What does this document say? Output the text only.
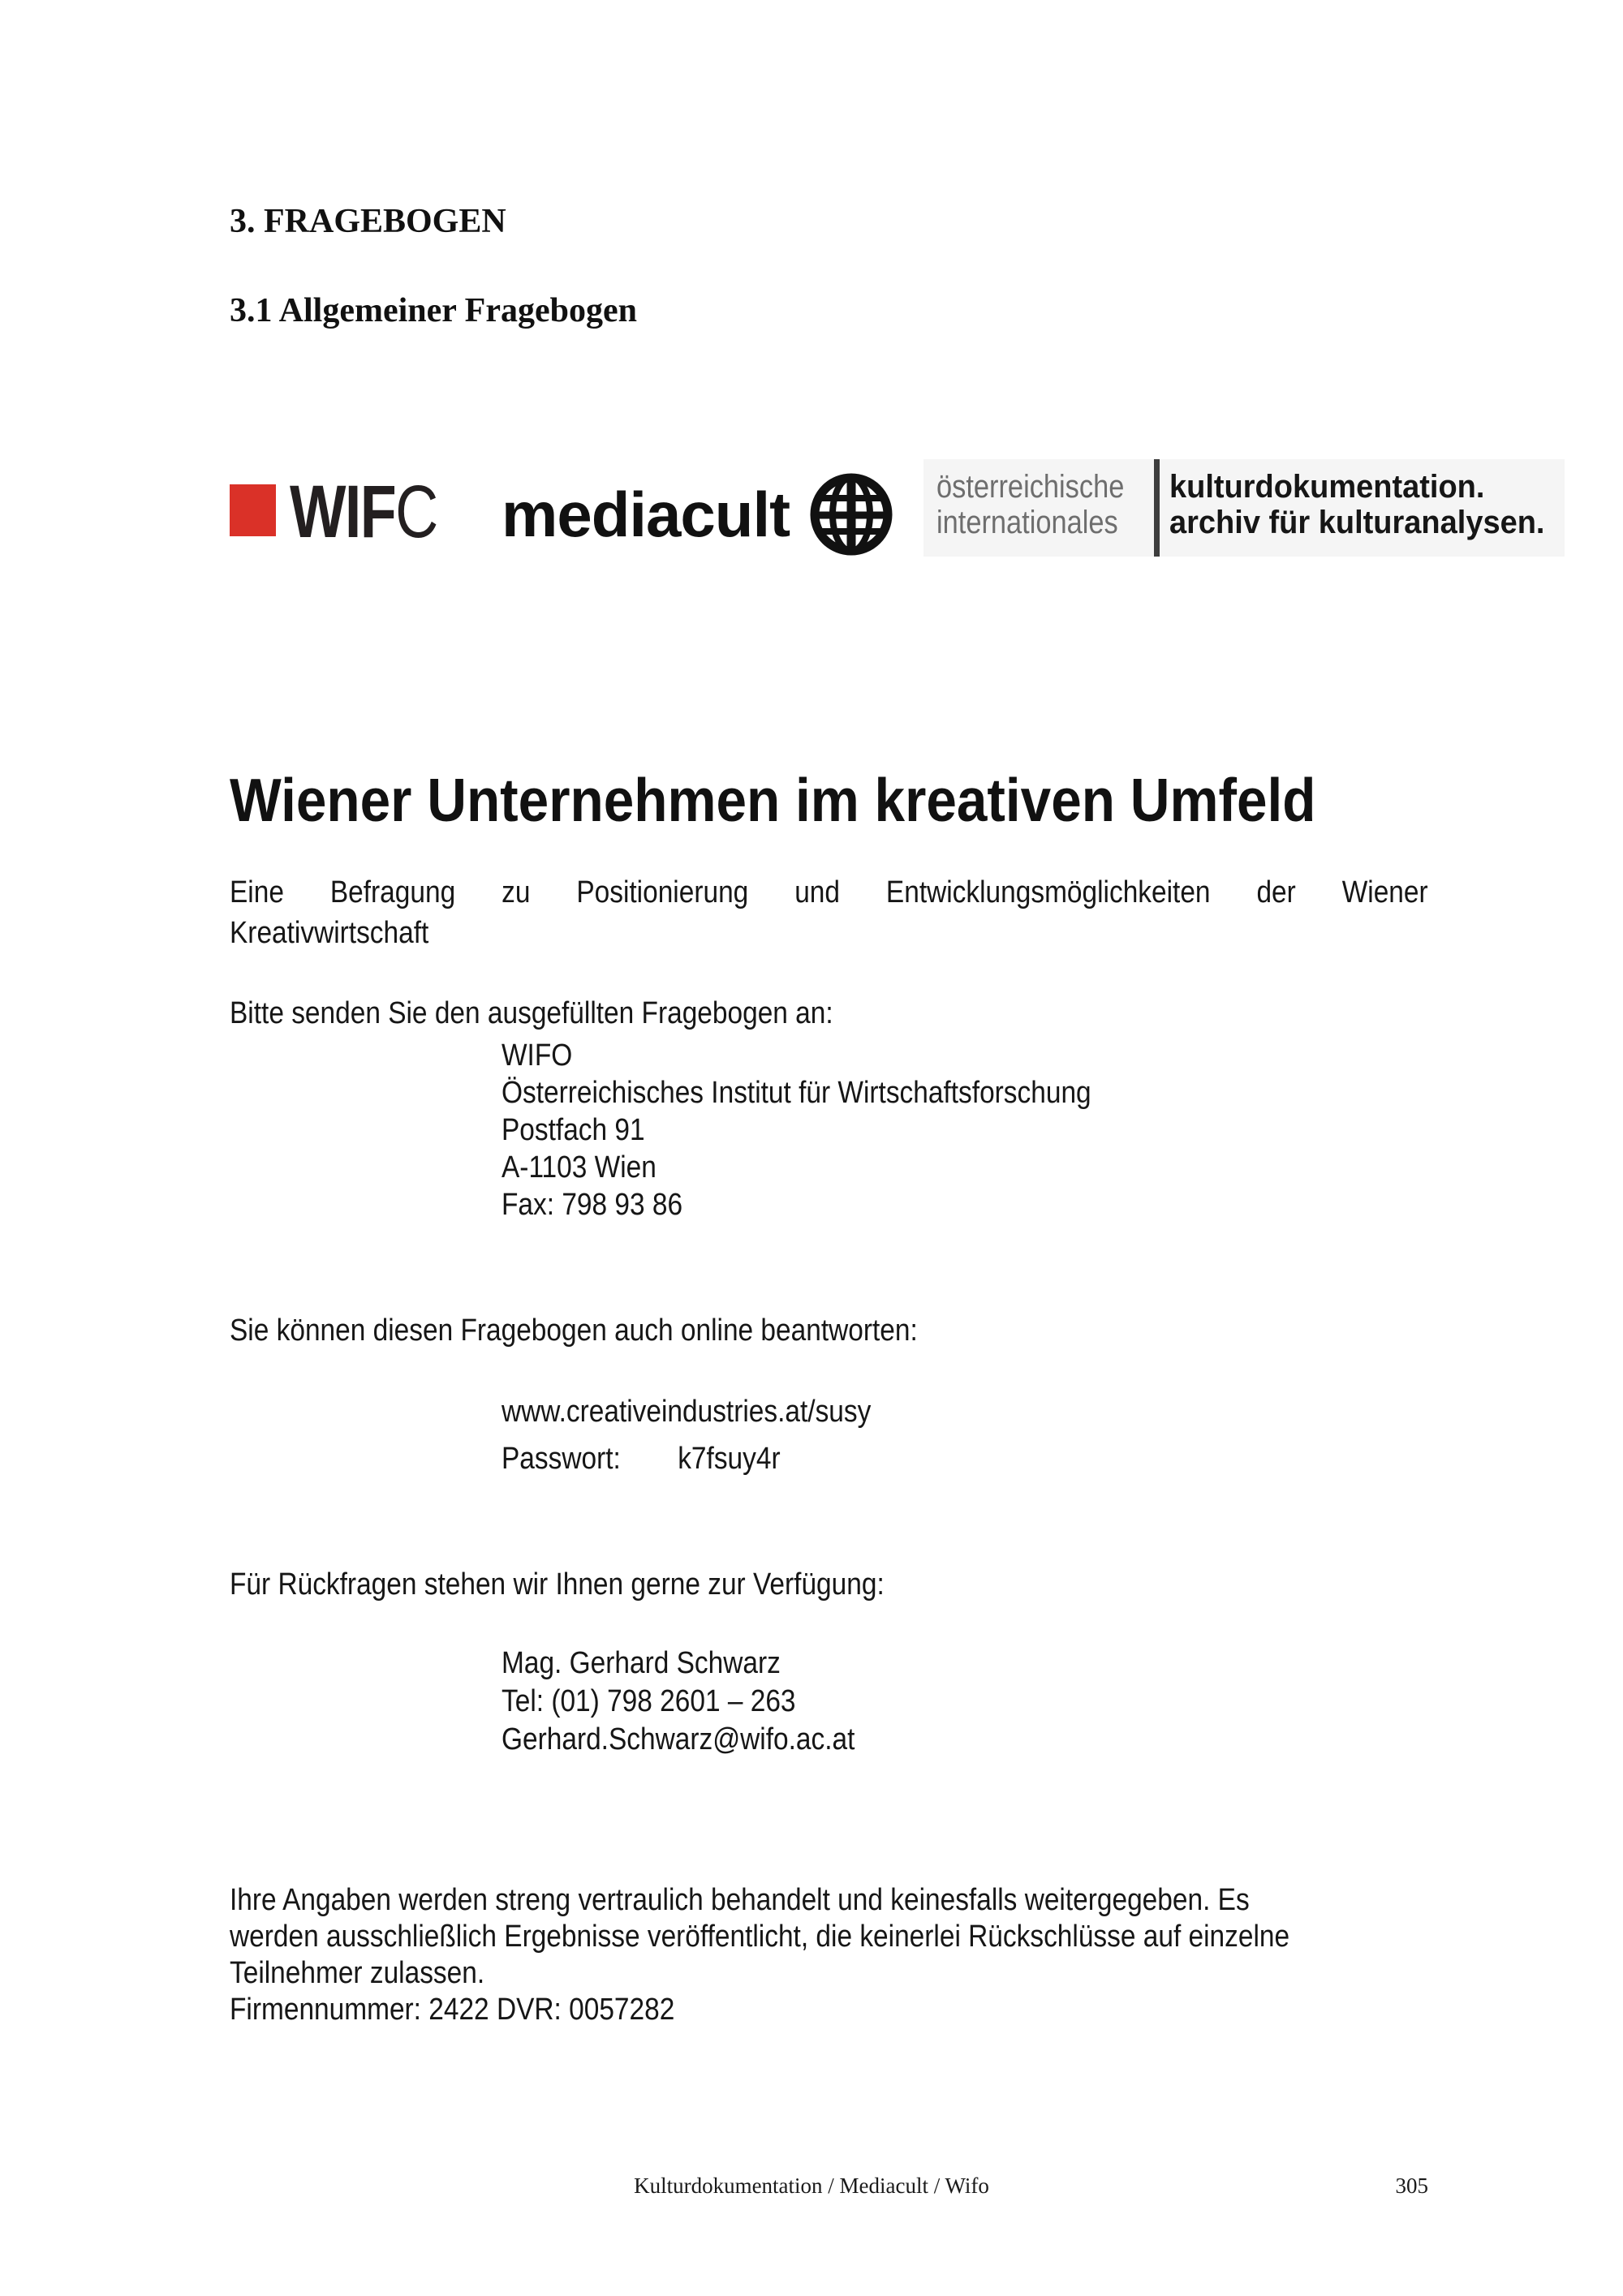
3. FRAGEBOGEN
3.1 Allgemeiner Fragebogen
WIFC mediacult	österreichische
internationales
kulturdokumentation.
archiv für kulturanalysen.
Wiener Unternehmen im kreativen Umfeld
Eine Befragung zu Positionierung und Entwicklungsmöglichkeiten der Wiener
Kreativwirtschaft
Bitte senden Sie den ausgefüllten Fragebogen an:
WIFO
Österreichisches Institut für Wirtschaftsforschung
Postfach 91
A-1103 Wien
Fax: 798 93 86
Sie können diesen Fragebogen auch online beantworten:
www.creativeindustries.at/susy
Passwort: k7fsuy4r
Für Rückfragen stehen wir Ihnen gerne zur Verfügung:
Mag. Gerhard Schwarz
Tel: (01) 798 2601 – 263
Gerhard.Schwarz@wifo.ac.at
Ihre Angaben werden streng vertraulich behandelt und keinesfalls weitergegeben. Es
werden ausschließlich Ergebnisse veröffentlicht, die keinerlei Rückschlüsse auf einzelne
Teilnehmer zulassen.
Firmennummer: 2422 DVR: 0057282
Kulturdokumentation / Mediacult / Wifo	305
